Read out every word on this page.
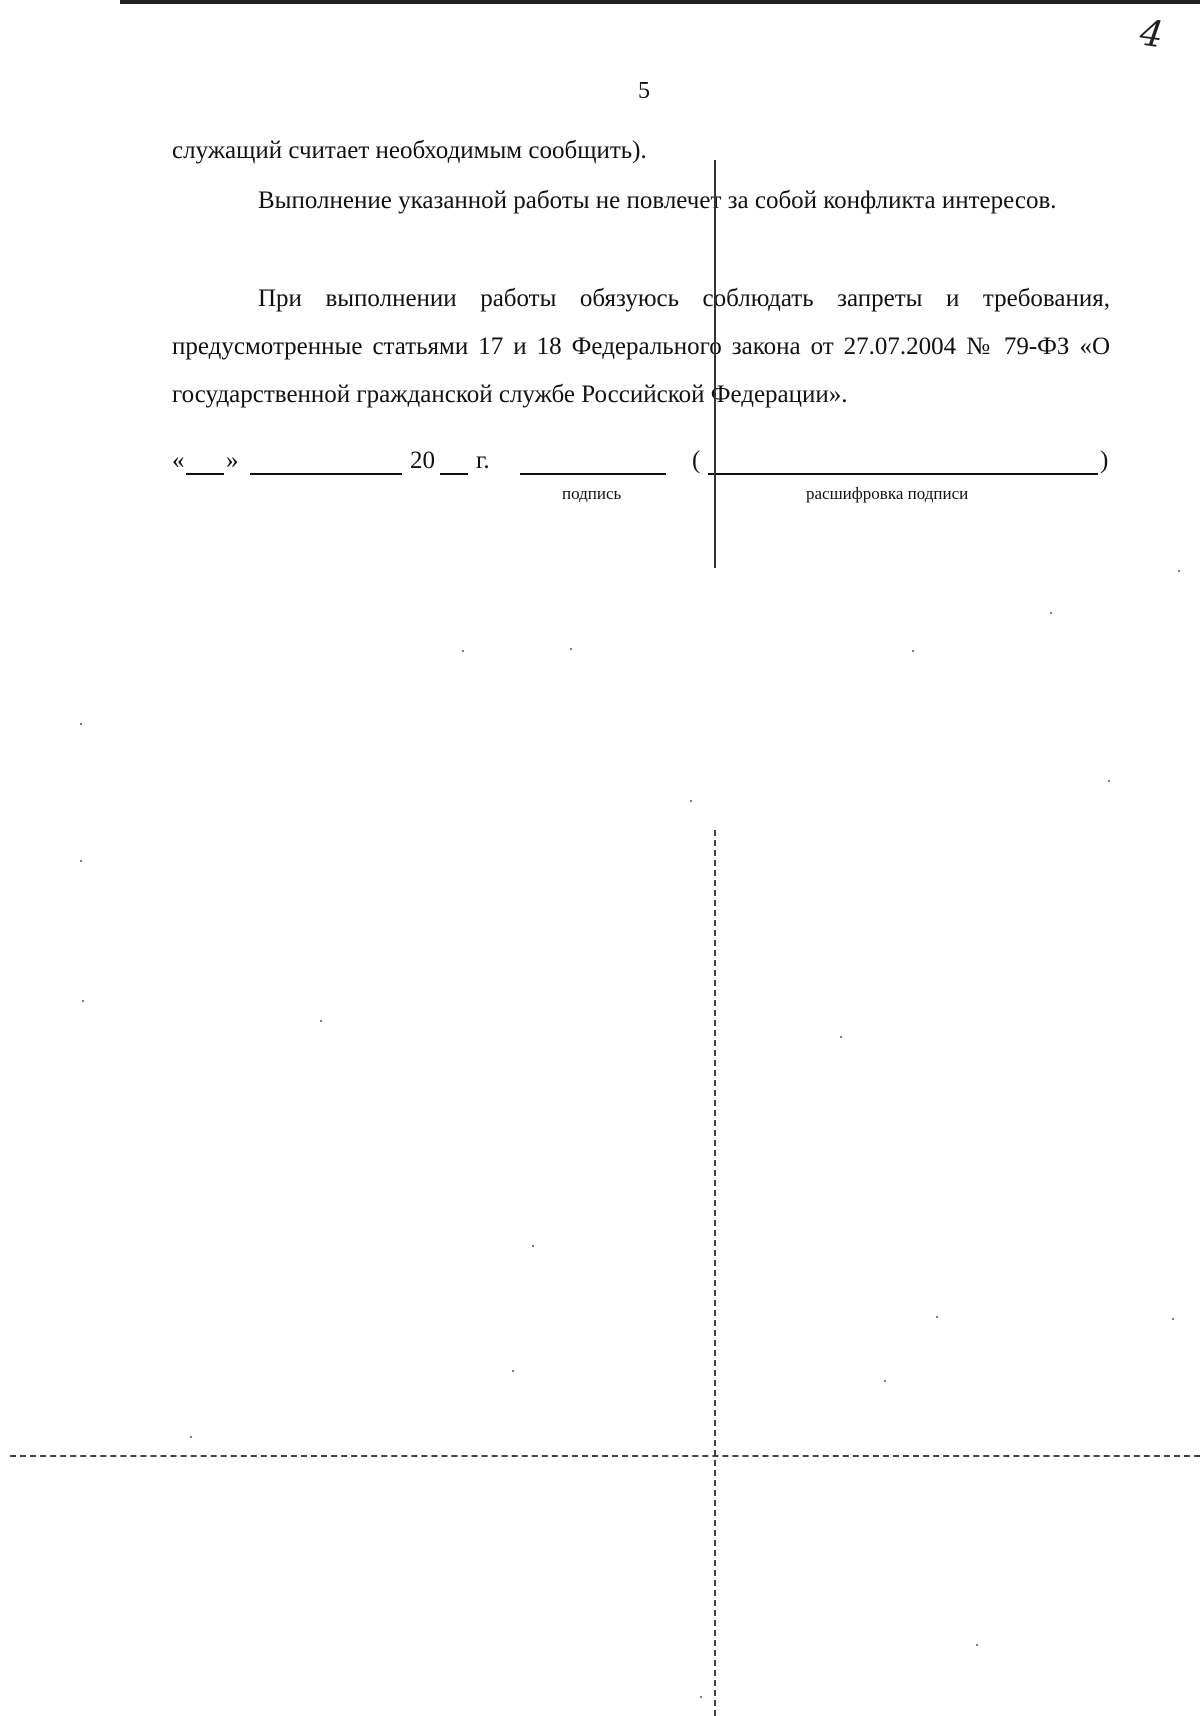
4
5
служащий считает необходимым сообщить).
Выполнение указанной работы не повлечет за собой конфликта интересов.
При выполнении работы обязуюсь соблюдать запреты и требования, предусмотренные статьями 17 и 18 Федерального закона от 27.07.2004 № 79-ФЗ «О государственной гражданской службе Российской Федерации».
« »	20 г.	(	)
подпись	расшифровка подписи
